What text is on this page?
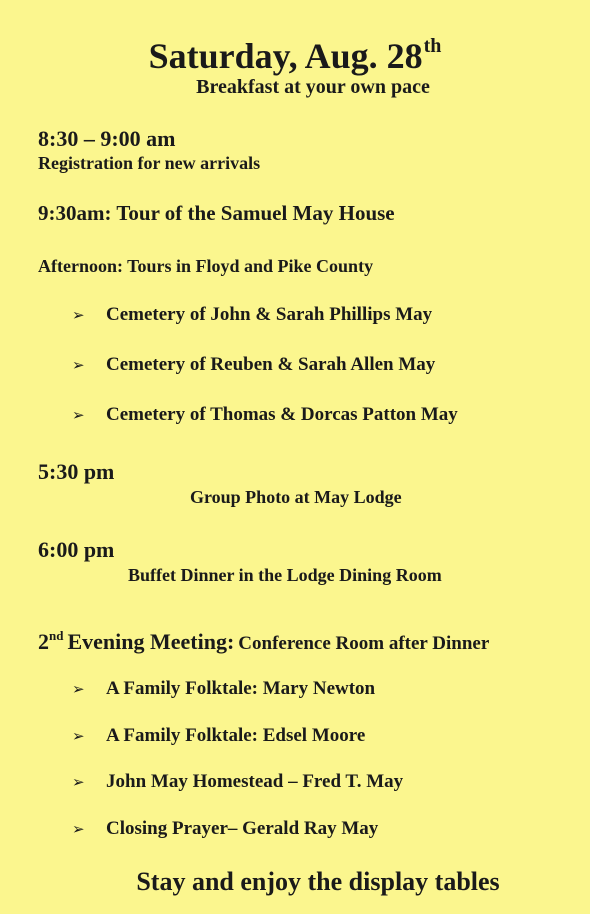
Saturday, Aug. 28th
Breakfast at your own pace
8:30 – 9:00 am
Registration for new arrivals
9:30am: Tour of the Samuel May House
Afternoon: Tours in Floyd and Pike County
➢ Cemetery of John & Sarah Phillips May
➢ Cemetery of Reuben & Sarah Allen May
➢ Cemetery of Thomas & Dorcas Patton May
5:30 pm
Group Photo at May Lodge
6:00 pm
Buffet Dinner in the Lodge Dining Room
2nd Evening Meeting: Conference Room after Dinner
➢ A Family Folktale: Mary Newton
➢ A Family Folktale: Edsel Moore
➢ John May Homestead – Fred T. May
➢ Closing Prayer– Gerald Ray May
Stay and enjoy the display tables
